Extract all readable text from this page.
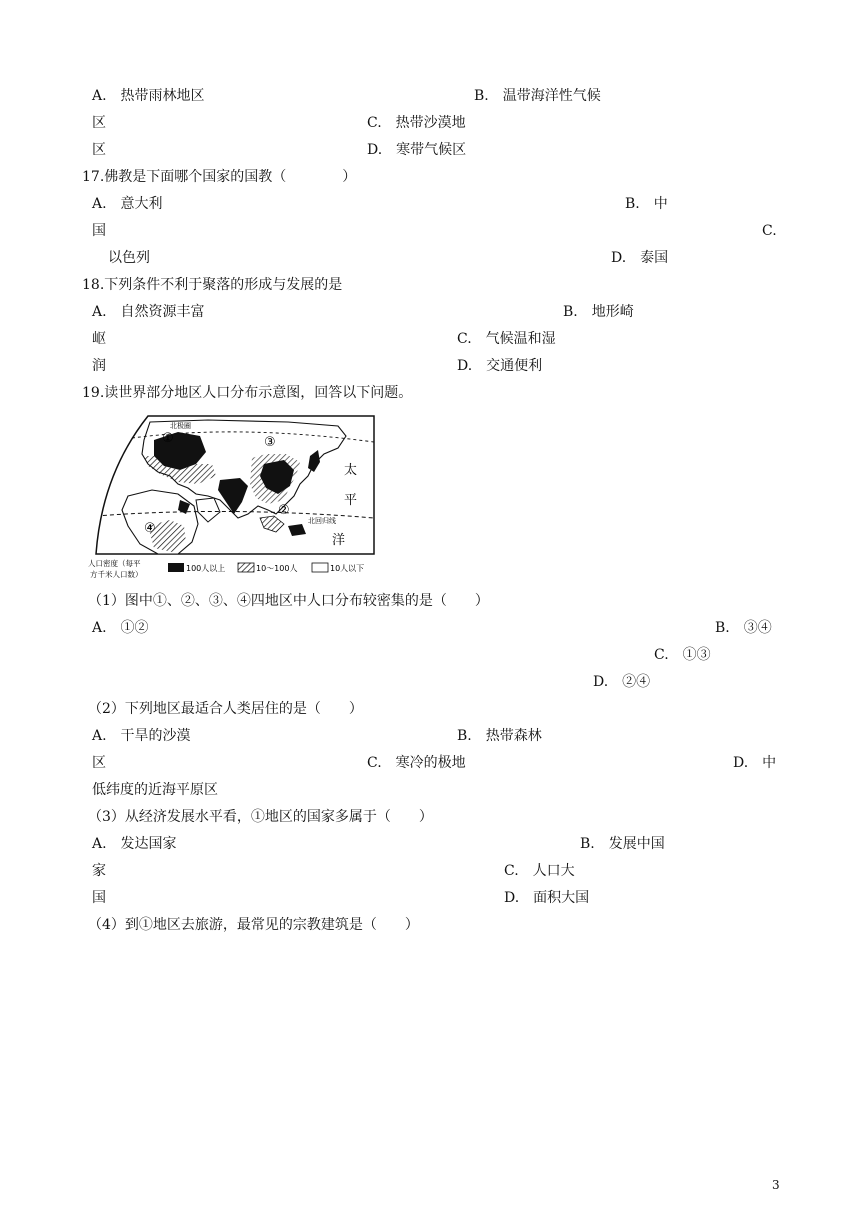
A.　热带雨林地区	B.　温带海洋性气候
区	C.　热带沙漠地
区	D.　寒带气候区
17.佛教是下面哪个国家的国教（　　　　）
A.　意大利	B.　中
国	C.
以色列	D.　泰国
18.下列条件不利于聚落的形成与发展的是
A.　自然资源丰富	B.　地形崎
岖	C.　气候温和湿
润	D.　交通便利
19.读世界部分地区人口分布示意图，回答以下问题。
①
②
③
④
北极圈
太
平
洋
北回归线
人口密度（每平
方千米人口数）
100人以上	10～100人	10人以下
（1）图中①、②、③、④四地区中人口分布较密集的是（　　）
A.　①②	B.　③④
C.　①③
D.　②④
（2）下列地区最适合人类居住的是（　　）
A.　干旱的沙漠	B.　热带森林
区	C.　寒冷的极地	D.　中
低纬度的近海平原区
（3）从经济发展水平看，①地区的国家多属于（　　）
A.　发达国家	B.　发展中国
家	C.　人口大
国	D.　面积大国
（4）到①地区去旅游，最常见的宗教建筑是（　　）
3
